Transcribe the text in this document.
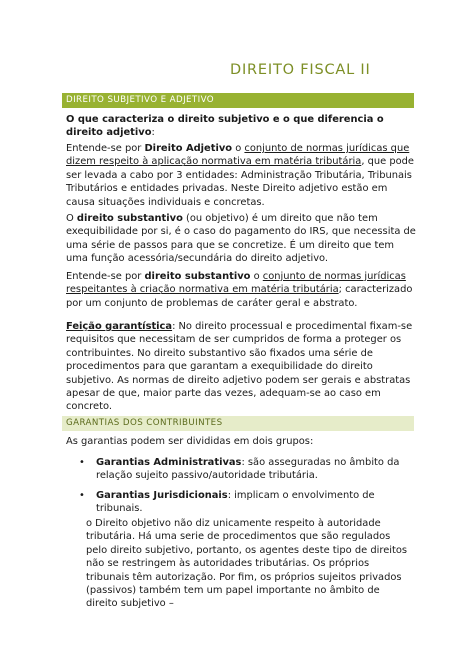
DIREITO FISCAL II
DIREITO SUBJETIVO E ADJETIVO
O que caracteriza o direito subjetivo e o que diferencia o direito adjetivo:
Entende-se por Direito Adjetivo o conjunto de normas jurídicas que dizem respeito à aplicação normativa em matéria tributária, que pode ser levada a cabo por 3 entidades: Administração Tributária, Tribunais Tributários e entidades privadas. Neste Direito adjetivo estão em causa situações individuais e concretas.
O direito substantivo (ou objetivo) é um direito que não tem exequibilidade por si, é o caso do pagamento do IRS, que necessita de uma série de passos para que se concretize. É um direito que tem uma função acessória/secundária do direito adjetivo.
Entende-se por direito substantivo o conjunto de normas jurídicas respeitantes à criação normativa em matéria tributária; caracterizado por um conjunto de problemas de caráter geral e abstrato.
Feição garantística: No direito processual e procedimental fixam-se requisitos que necessitam de ser cumpridos de forma a proteger os contribuintes. No direito substantivo são fixados uma série de procedimentos para que garantam a exequibilidade do direito subjetivo. As normas de direito adjetivo podem ser gerais e abstratas apesar de que, maior parte das vezes, adequam-se ao caso em concreto.
GARANTIAS DOS CONTRIBUINTES
As garantias podem ser divididas em dois grupos:
• Garantias Administrativas: são asseguradas no âmbito da relação sujeito passivo/autoridade tributária.
• Garantias Jurisdicionais: implicam o envolvimento de tribunais.
o Direito objetivo não diz unicamente respeito à autoridade tributária. Há uma serie de procedimentos que são regulados pelo direito subjetivo, portanto, os agentes deste tipo de direitos não se restringem às autoridades tributárias. Os próprios tribunais têm autorização. Por fim, os próprios sujeitos privados (passivos) também tem um papel importante no âmbito de direito subjetivo –
